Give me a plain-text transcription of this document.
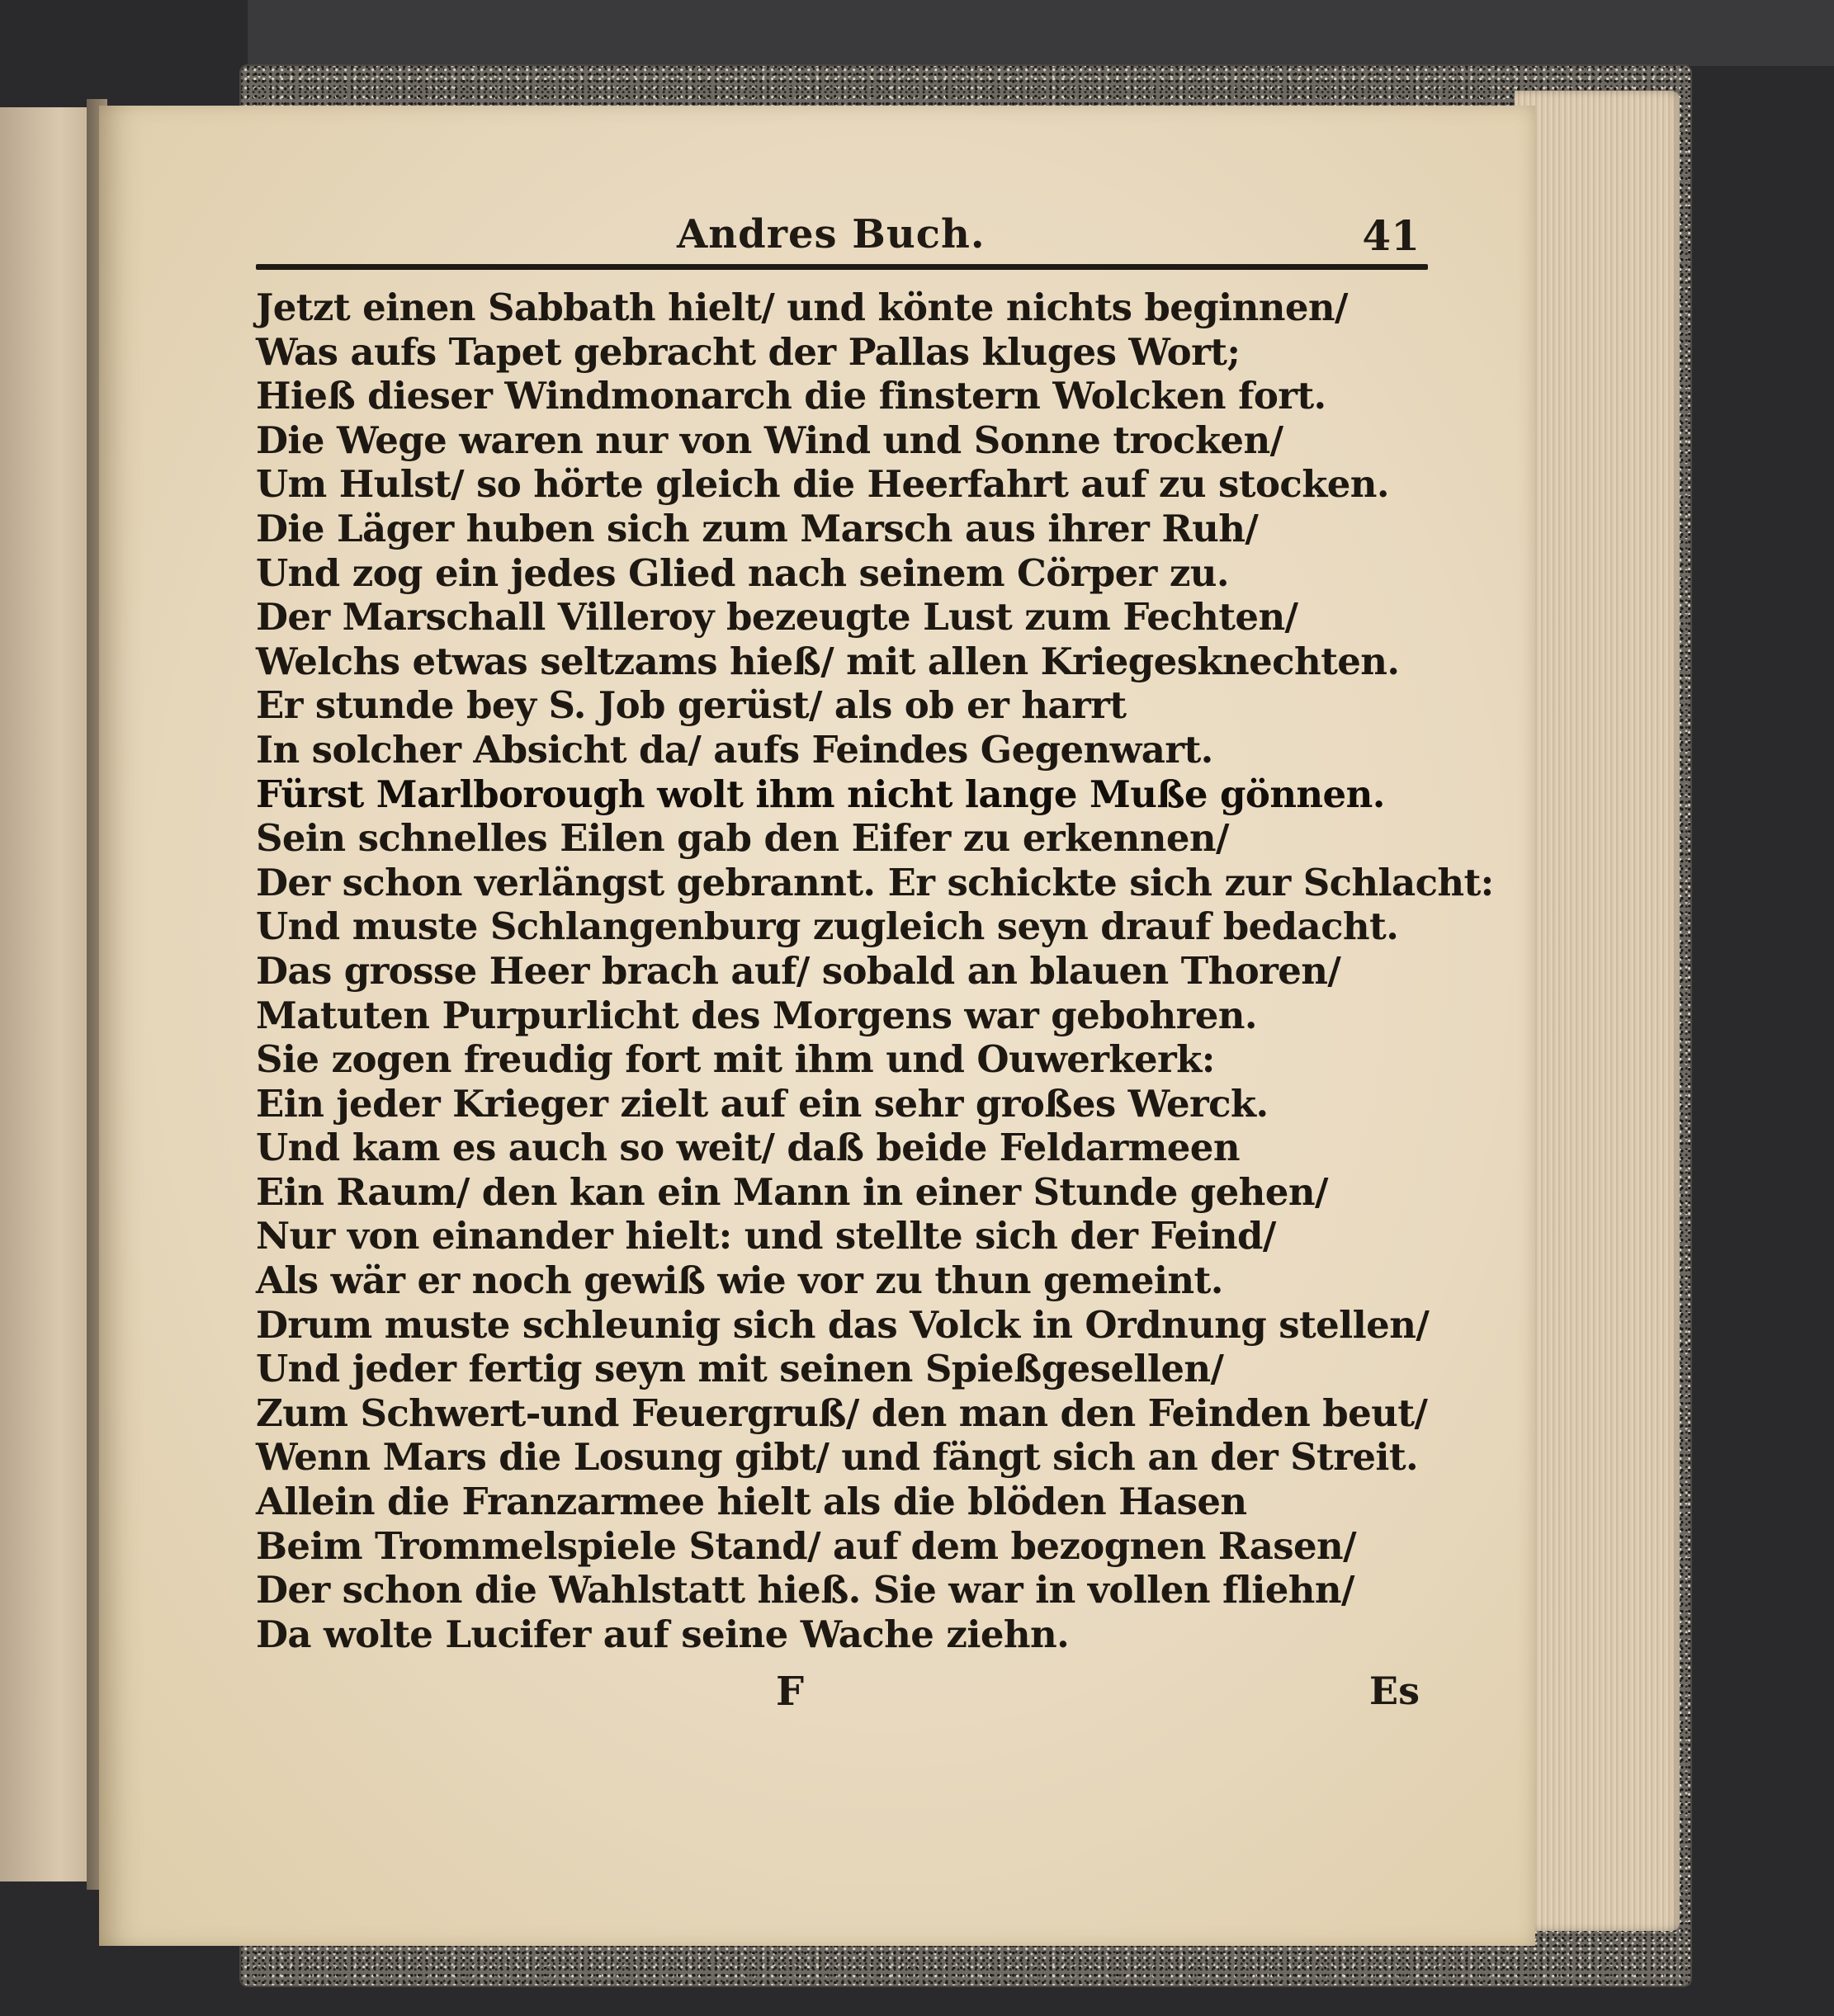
Andres Buch.	41
Jetzt einen Sabbath hielt/ und könte nichts beginnen/
Was aufs Tapet gebracht der Pallas kluges Wort;
Hieß dieser Windmonarch die finstern Wolcken fort.
Die Wege waren nur von Wind und Sonne trocken/
Um Hulst/ so hörte gleich die Heerfahrt auf zu stocken.
Die Läger huben sich zum Marsch aus ihrer Ruh/
Und zog ein jedes Glied nach seinem Cörper zu.
Der Marschall Villeroy bezeugte Lust zum Fechten/
Welchs etwas seltzams hieß/ mit allen Kriegesknechten.
Er stunde bey S. Job gerüst/ als ob er harrt
In solcher Absicht da/ aufs Feindes Gegenwart.
Fürst Marlborough wolt ihm nicht lange Muße gönnen.
Sein schnelles Eilen gab den Eifer zu erkennen/
Der schon verlängst gebrannt. Er schickte sich zur Schlacht:
Und muste Schlangenburg zugleich seyn drauf bedacht.
Das grosse Heer brach auf/ sobald an blauen Thoren/
Matuten Purpurlicht des Morgens war gebohren.
Sie zogen freudig fort mit ihm und Ouwerkerk:
Ein jeder Krieger zielt auf ein sehr großes Werck.
Und kam es auch so weit/ daß beide Feldarmeen
Ein Raum/ den kan ein Mann in einer Stunde gehen/
Nur von einander hielt: und stellte sich der Feind/
Als wär er noch gewiß wie vor zu thun gemeint.
Drum muste schleunig sich das Volck in Ordnung stellen/
Und jeder fertig seyn mit seinen Spießgesellen/
Zum Schwert-und Feuergruß/ den man den Feinden beut/
Wenn Mars die Losung gibt/ und fängt sich an der Streit.
Allein die Franzarmee hielt als die blöden Hasen
Beim Trommelspiele Stand/ auf dem bezognen Rasen/
Der schon die Wahlstatt hieß. Sie war in vollen fliehn/
Da wolte Lucifer auf seine Wache ziehn.
F	Es
